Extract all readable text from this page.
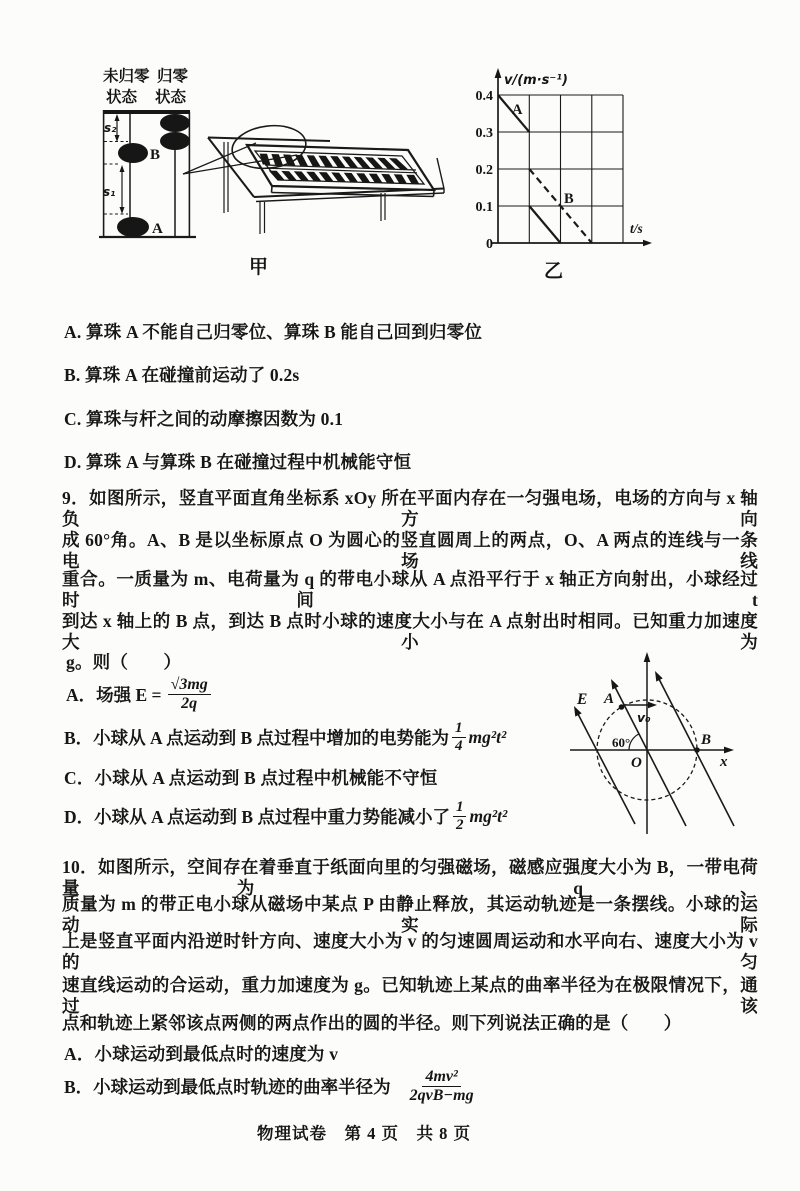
未归零
状态
归零
状态
s₂
s₁
B
A
甲
v/(m·s⁻¹)
t/s
0.4
0.3
0.2
0.1
0
A
B
乙
A. 算珠 A 不能自己归零位、算珠 B 能自己回到归零位
B. 算珠 A 在碰撞前运动了 0.2s
C. 算珠与杆之间的动摩擦因数为 0.1
D. 算珠 A 与算珠 B 在碰撞过程中机械能守恒
9．如图所示，竖直平面直角坐标系 xOy 所在平面内存在一匀强电场，电场的方向与 x 轴负方向
成 60°角。A、B 是以坐标原点 O 为圆心的竖直圆周上的两点，O、A 两点的连线与一条电场线
重合。一质量为 m、电荷量为 q 的带电小球从 A 点沿平行于 x 轴正方向射出，小球经过时间 t
到达 x 轴上的 B 点，到达 B 点时小球的速度大小与在 A 点射出时相同。已知重力加速度大小为
g。则（　　）
A．场强 $E = \frac{√3mg}{2q}$
B．小球从 A 点运动到 B 点过程中增加的电势能为 $\frac{1}{4} mg^2t^2$
C．小球从 A 点运动到 B 点过程中机械能不守恒
D．小球从 A 点运动到 B 点过程中重力势能减小了 $\frac{1}{2} mg^2t^2$
E A
v₀
60°
O	x
B
10．如图所示，空间存在着垂直于纸面向里的匀强磁场，磁感应强度大小为 B，一带电荷量为 q、
质量为 m 的带正电小球从磁场中某点 P 由静止释放，其运动轨迹是一条摆线。小球的运动实际
上是竖直平面内沿逆时针方向、速度大小为 v 的匀速圆周运动和水平向右、速度大小为 v 的匀
速直线运动的合运动，重力加速度为 g。已知轨迹上某点的曲率半径为在极限情况下，通过该
点和轨迹上紧邻该点两侧的两点作出的圆的半径。则下列说法正确的是（　　）
A．小球运动到最低点时的速度为 v
B．小球运动到最低点时轨迹的曲率半径为 $\frac{\text{4mv²}}{\text{2qvB−mg}}$
物理试卷　第 4 页　共 8 页
